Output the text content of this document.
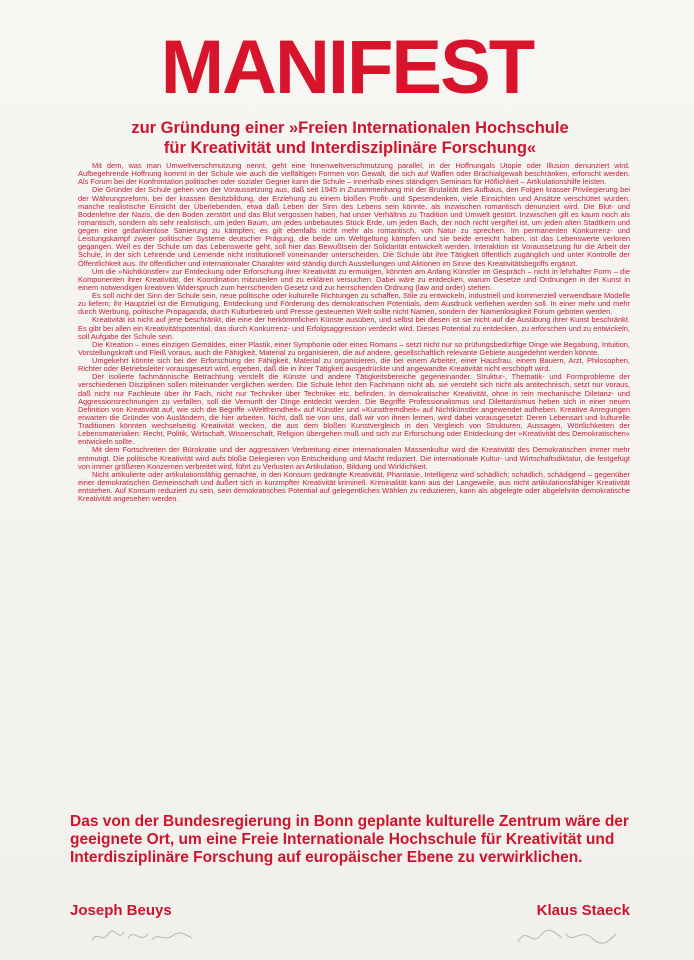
MANIFEST
zur Gründung einer »Freien Internationalen Hochschule
für Kreativität und Interdisziplinäre Forschung«

Mit dem, was man Umweltverschmutzung nennt, geht eine Innenweltverschmutzung parallel, in der Hoffnungals Utopie oder Illusion denunziert wird. Aufbegehrende Hoffnung kommt in der Schule wie auch die vielfältigen Formen von Gewalt, die sich auf Waffen oder Brachialgewalt beschränken, erforscht werden. Als Forum bei der Konfrontation politischer oder sozialer Gegner kann die Schule – innerhalb eines ständigen Seminars für Höflichkeit – Artikulationshilfe leisten.

Die Gründer der Schule gehen von der Voraussetzung aus, daß seit 1945 in Zusammenhang mit der Brutalität des Aufbaus, den Folgen krasser Privilegierung bei der Währungsreform, bei der krassen Besitzbildung, der Erziehung zu einem bloßen Profit- und Spesendenken, viele Einsichten und Ansätze verschüttet wurden, manche realistische Einsicht der Überlebenden, etwa daß Leben der Sinn des Lebens sein könnte, als inzwischen romantisch denunziert wird. Die Blut- und Bodenlehre der Nazis, die den Boden zerstört und das Blut vergossen haben, hat unser Verhältnis zu Tradition und Umwelt gestört. Inzwischen gilt es kaum noch als romantisch, sondern als sehr realistisch, um jeden Baum, um jedes unbebautes Stück Erde, um jeden Bach, der noch nicht vergiftet ist, um jeden alten Stadtkern und gegen eine gedankenlose Sanierung zu kämpfen; es gilt ebenfalls nicht mehr als romantisch, von Natur zu sprechen. Im permanenten Konkurrenz- und Leistungskampf zweier politischer Systeme deutscher Prägung, die beide um Weltgeltung kämpfen und sie beide erreicht haben, ist das Lebenswerte verloren gegangen. Weil es der Schule um das Lebenswerte geht, soll hier das Bewußtsein der Solidarität entwickelt werden. Interaktion ist Voraussetzung für die Arbeit der Schule, in der sich Lehrende und Lernende nicht institutionell voneinander unterscheiden. Die Schule übt ihre Tätigkeit öffentlich zugänglich und unter Kontrolle der Öffentlichkeit aus. Ihr öffentlicher und internationaler Charakter wird ständig durch Ausstellungen und Aktionen im Sinne des Kreativitätsbegriffs ergänzt.

Um die »Nichtkünstler« zur Entdeckung oder Erforschung ihrer Kreativität zu ermutigen, könnten am Anfang Künstler im Gespräch – nicht in lehrhafter Form – die Komponenten ihrer Kreativität, der Koordination mitzuteilen und zu erklären versuchen. Dabei wäre zu entdecken, warum Gesetze und Ordnungen in der Kunst in einem notwendigen kreativen Widerspruch zum herrschenden Gesetz und zur herrschenden Ordnung (law and order) stehen.

Es soll nicht der Sinn der Schule sein, neue politische oder kulturelle Richtungen zu schaffen, Stile zu entwickeln, industriell und kommerziell verwendbare Modelle zu liefern; ihr Hauptziel ist die Ermutigung, Entdeckung und Förderung des demokratischen Potentials, dem Ausdruck verliehen werden soll. In einer mehr und mehr durch Werbung, politische Propaganda, durch Kulturbetrieb und Presse gesteuerten Welt sollte nicht Namen, sondern der Namenlosigkeit Forum geboten werden.

Kreativität ist nicht auf jene beschränkt, die eine der herkömmlichen Künste ausüben, und selbst bei diesen ist sie nicht auf die Ausübung ihrer Kunst beschränkt. Es gibt bei allen ein Kreativitätspotential, das durch Konkurrenz- und Erfolgsaggression verdeckt wird. Dieses Potential zu entdecken, zu erforschen und zu entwickeln, soll Aufgabe der Schule sein.

Die Kreation – eines einzigen Gemäldes, einer Plastik, einer Symphonie oder eines Romans – setzt nicht nur so prüfungsbedürftige Dinge wie Begabung, Intuition, Vorstellungskraft und Fleiß voraus, auch die Fähigkeit, Material zu organisieren, die auf andere, gesellschaftlich relevante Gebiete ausgedehnt werden könnte.

Umgekehrt könnte sich bei der Erforschung der Fähigkeit, Material zu organisieren, die bei einem Arbeiter, einer Hausfrau, einem Bauern, Arzt, Philosophen, Richter oder Betriebsleiter vorausgesetzt wird, ergeben, daß die in ihrer Tätigkeit ausgedrückte und angewandte Kreativität nicht erschöpft wird.

Der isolierte fachmännische Betrachtung verstellt die Künste und andere Tätigkeitsbereiche gegeneinander. Struktur-, Thematik- und Formprobleme der verschiedenen Disziplinen sollen miteinander verglichen werden. Die Schule lehnt den Fachmann nicht ab, sie versteht sich nicht als antitechnisch, setzt nur voraus, daß nicht nur Fachleute über ihr Fach, nicht nur Techniker über Techniker etc. befinden. In demokratischer Kreativität, ohne in rein mechanische Diletanz- und Aggressionsrechnungen zu verfallen, soll die Vernunft der Dinge entdeckt werden. Die Begriffe Professionalismus und Dilettantismus heben sich in einer neuen Definition von Kreativität auf, wie sich die Begriffe »Weltfremdheit« auf Künstler und »Kunstfremdheit« auf Nichtkünstler angewendet aufheben. Kreative Anregungen erwarten die Gründer von Ausländern, die hier arbeiten. Nicht, daß sie von uns, daß wir von ihnen lernen, wird dabei vorausgesetzt: Deren Lebensart und kulturelle Traditionen könnten wechselseitig Kreativität wecken, die aus dem bloßen Kunstvergleich in den Vergleich von Strukturen, Aussagen, Wörtlichkeiten der Lebensmaterialien: Recht, Politik, Wirtschaft, Wissenschaft, Religion übergehen muß und sich zur Erforschung oder Entdeckung der »Kreativität des Demokratischen« entwickeln sollte.

Mit dem Fortschreiten der Bürokratie und der aggressiven Verbreitung einer internationalen Massenkultur wird die Kreativität des Demokratischen immer mehr entmutigt. Die politische Kreativität wird aufs bloße Delegieren von Entscheidung und Macht reduziert. Die internationale Kultur- und Wirtschaftsdiktatur, die festgefügt von immer größeren Konzernen verbreitet wird, führt zu Verlusten an Artikulation, Bildung und Wirklichkeit.

Nicht artikulierte oder artikulationsfähig gemachte, in den Konsum gedrängte Kreativität, Phantasie, Intelligenz wird schädlich; schädlich, schädigend – gegenüber einer demokratischen Gemeinschaft und äußert sich in kurzmpfter Kreativität kriminell. Kriminalität kann aus der Langeweile, aus nicht artikulationsfähiger Kreativität entstehen. Auf Konsum reduziert zu sein, sein demokratisches Potential auf gelegentliches Wählen zu reduzieren, kann als abgelegte oder abgelehnte demokratische Kreativität angesehen werden.

Das von der Bundesregierung in Bonn geplante kulturelle Zentrum wäre der geeignete Ort, um eine Freie Internationale Hochschule für Kreativität und Interdisziplinäre Forschung auf europäischer Ebene zu verwirklichen.
Joseph Beuys	Klaus Staeck
